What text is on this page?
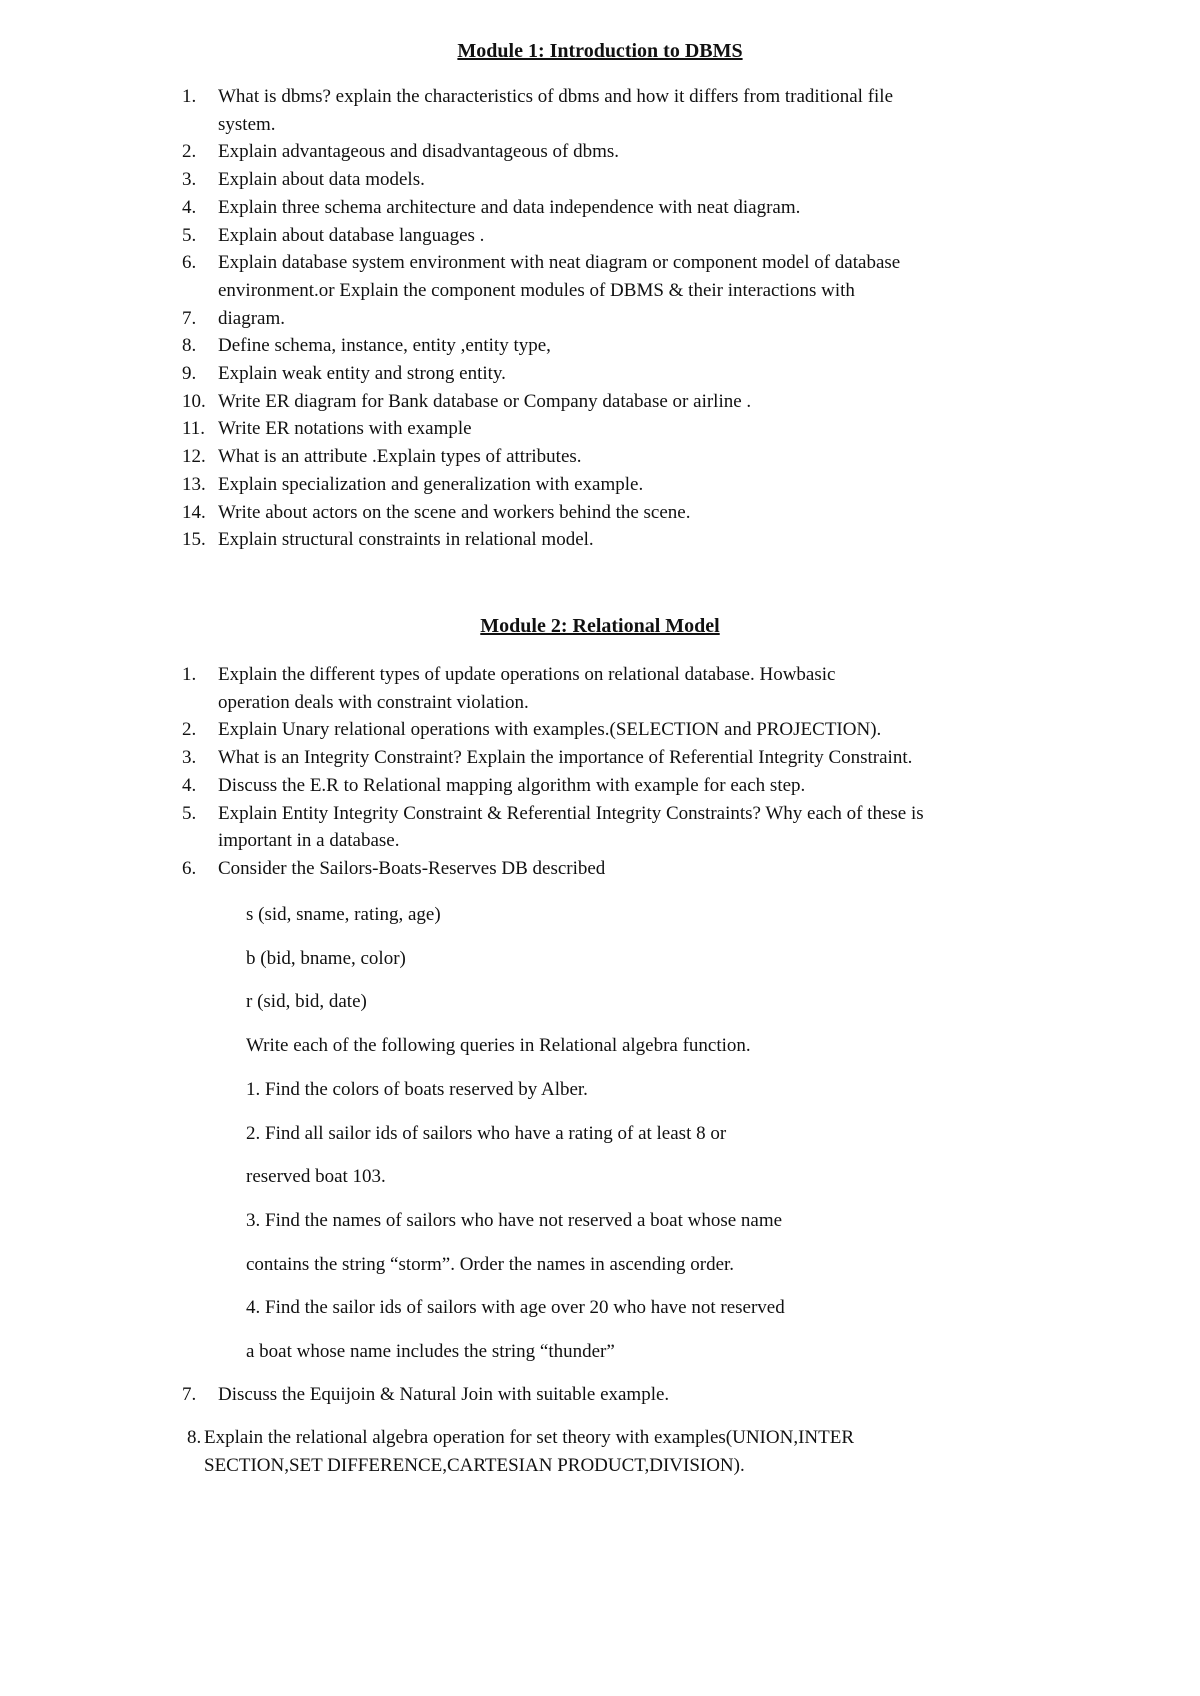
Module 1: Introduction to DBMS
1. What is dbms? explain the characteristics of dbms and how it differs from traditional file
system.
2. Explain advantageous and disadvantageous of dbms.
3. Explain about data models.
4. Explain three schema architecture and data independence with neat diagram.
5. Explain about database languages .
6. Explain database system environment with neat diagram or component model of database
environment.or Explain the component modules of DBMS & their interactions with
7. diagram.
8. Define schema, instance, entity ,entity type,
9. Explain weak entity and strong entity.
10. Write ER diagram for Bank database or Company database or airline .
11. Write ER notations with example
12. What is an attribute .Explain types of attributes.
13. Explain specialization and generalization with example.
14. Write about actors on the scene and workers behind the scene.
15. Explain structural constraints in relational model.
Module 2: Relational Model
1. Explain the different types of update operations on relational database. Howbasic
operation deals with constraint violation.
2. Explain Unary relational operations with examples.(SELECTION and PROJECTION).
3. What is an Integrity Constraint? Explain the importance of Referential Integrity Constraint.
4. Discuss the E.R to Relational mapping algorithm with example for each step.
5. Explain Entity Integrity Constraint & Referential Integrity Constraints? Why each of these is
important in a database.
6. Consider the Sailors-Boats-Reserves DB described
s (sid, sname, rating, age)
b (bid, bname, color)
r (sid, bid, date)
Write each of the following queries in Relational algebra function.
1. Find the colors of boats reserved by Alber.
2. Find all sailor ids of sailors who have a rating of at least 8 or
reserved boat 103.
3. Find the names of sailors who have not reserved a boat whose name
contains the string “storm”. Order the names in ascending order.
4. Find the sailor ids of sailors with age over 20 who have not reserved
a boat whose name includes the string “thunder”
7. Discuss the Equijoin & Natural Join with suitable example.
8. Explain the relational algebra operation for set theory with examples(UNION,INTER
SECTION,SET DIFFERENCE,CARTESIAN PRODUCT,DIVISION).
